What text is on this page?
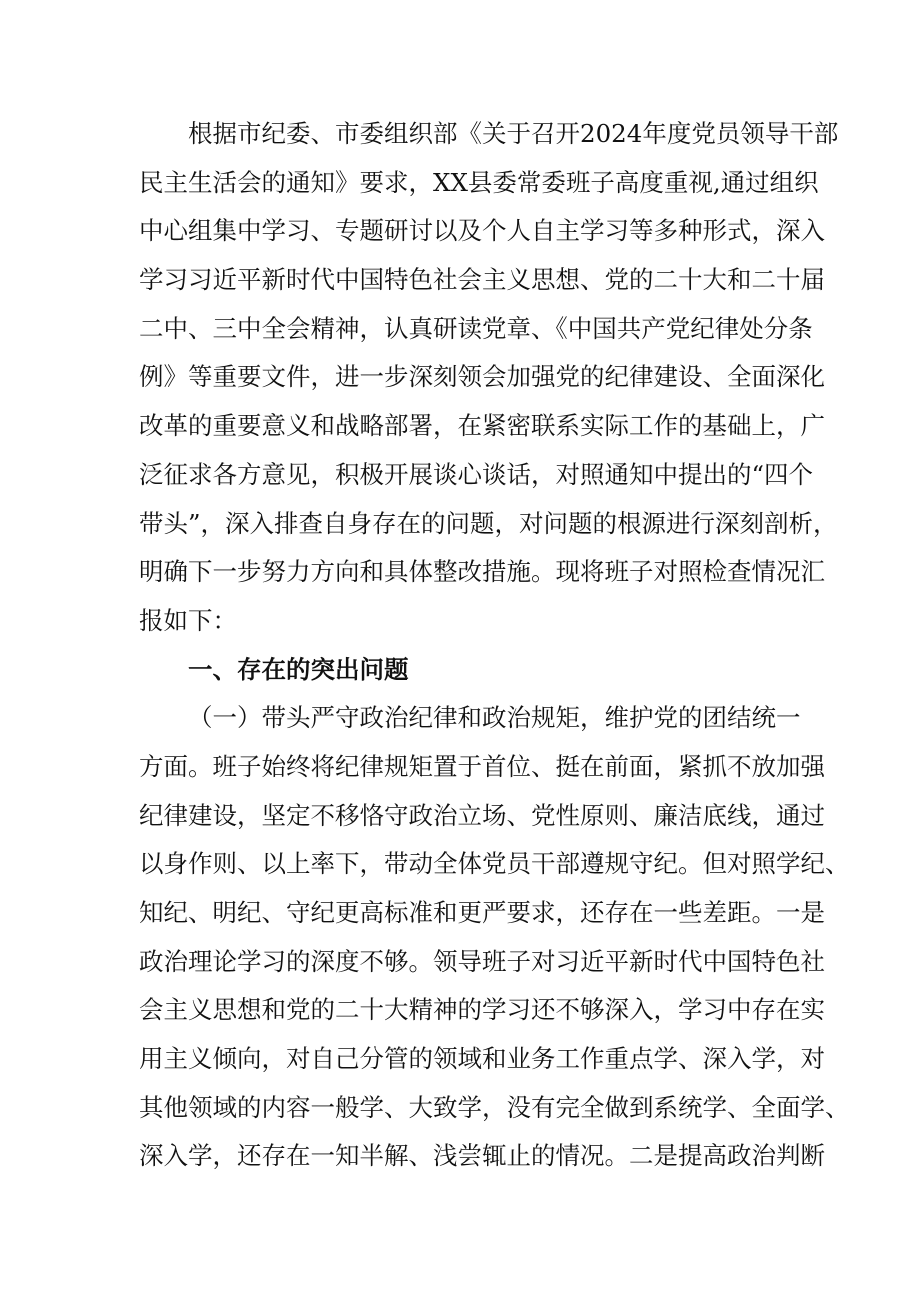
根据市纪委、市委组织部《关于召开2024年度党员领导干部
民主生活会的通知》要求，XX县委常委班子高度重视,通过组织
中心组集中学习、专题研讨以及个人自主学习等多种形式，深入
学习习近平新时代中国特色社会主义思想、党的二十大和二十届
二中、三中全会精神，认真研读党章、《中国共产党纪律处分条
例》等重要文件，进一步深刻领会加强党的纪律建设、全面深化
改革的重要意义和战略部署，在紧密联系实际工作的基础上，广
泛征求各方意见，积极开展谈心谈话，对照通知中提出的“四个
带头”，深入排查自身存在的问题，对问题的根源进行深刻剖析，
明确下一步努力方向和具体整改措施。现将班子对照检查情况汇
报如下：
一、存在的突出问题
（一）带头严守政治纪律和政治规矩，维护党的团结统一
方面。班子始终将纪律规矩置于首位、挺在前面，紧抓不放加强
纪律建设，坚定不移恪守政治立场、党性原则、廉洁底线，通过
以身作则、以上率下，带动全体党员干部遵规守纪。但对照学纪、
知纪、明纪、守纪更高标准和更严要求，还存在一些差距。一是
政治理论学习的深度不够。领导班子对习近平新时代中国特色社
会主义思想和党的二十大精神的学习还不够深入，学习中存在实
用主义倾向，对自己分管的领域和业务工作重点学、深入学，对
其他领域的内容一般学、大致学，没有完全做到系统学、全面学、
深入学，还存在一知半解、浅尝辄止的情况。二是提高政治判断
